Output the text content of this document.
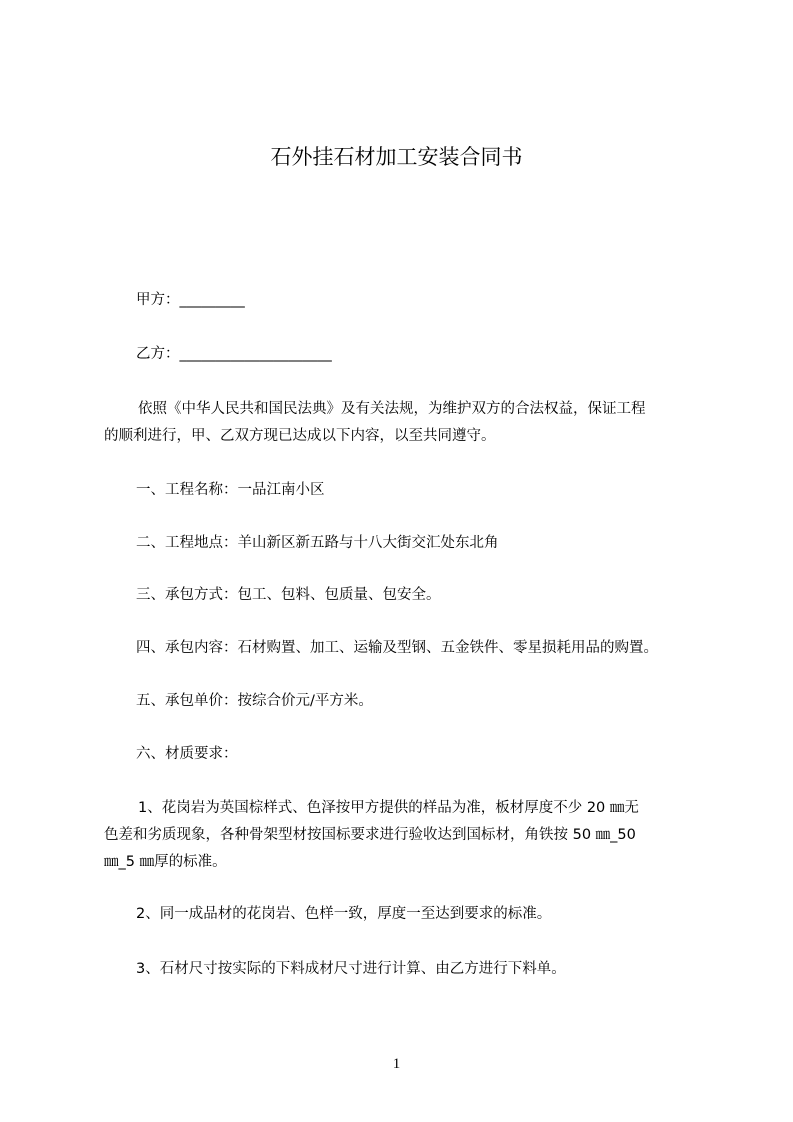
石外挂石材加工安装合同书
甲方：_________
乙方：_____________________
依照《中华人民共和国民法典》及有关法规，为维护双方的合法权益，保证工程
的顺利进行，甲、乙双方现已达成以下内容，以至共同遵守。
一、工程名称：一品江南小区
二、工程地点：羊山新区新五路与十八大街交汇处东北角
三、承包方式：包工、包料、包质量、包安全。
四、承包内容：石材购置、加工、运输及型钢、五金铁件、零星损耗用品的购置。
五、承包单价：按综合价元/平方米。
六、材质要求：
1、花岗岩为英国棕样式、色泽按甲方提供的样品为准，板材厚度不少 20 ㎜无
色差和劣质现象，各种骨架型材按国标要求进行验收达到国标材，角铁按 50 ㎜_50
㎜_5 ㎜厚的标准。
2、同一成品材的花岗岩、色样一致，厚度一至达到要求的标准。
3、石材尺寸按实际的下料成材尺寸进行计算、由乙方进行下料单。
1
